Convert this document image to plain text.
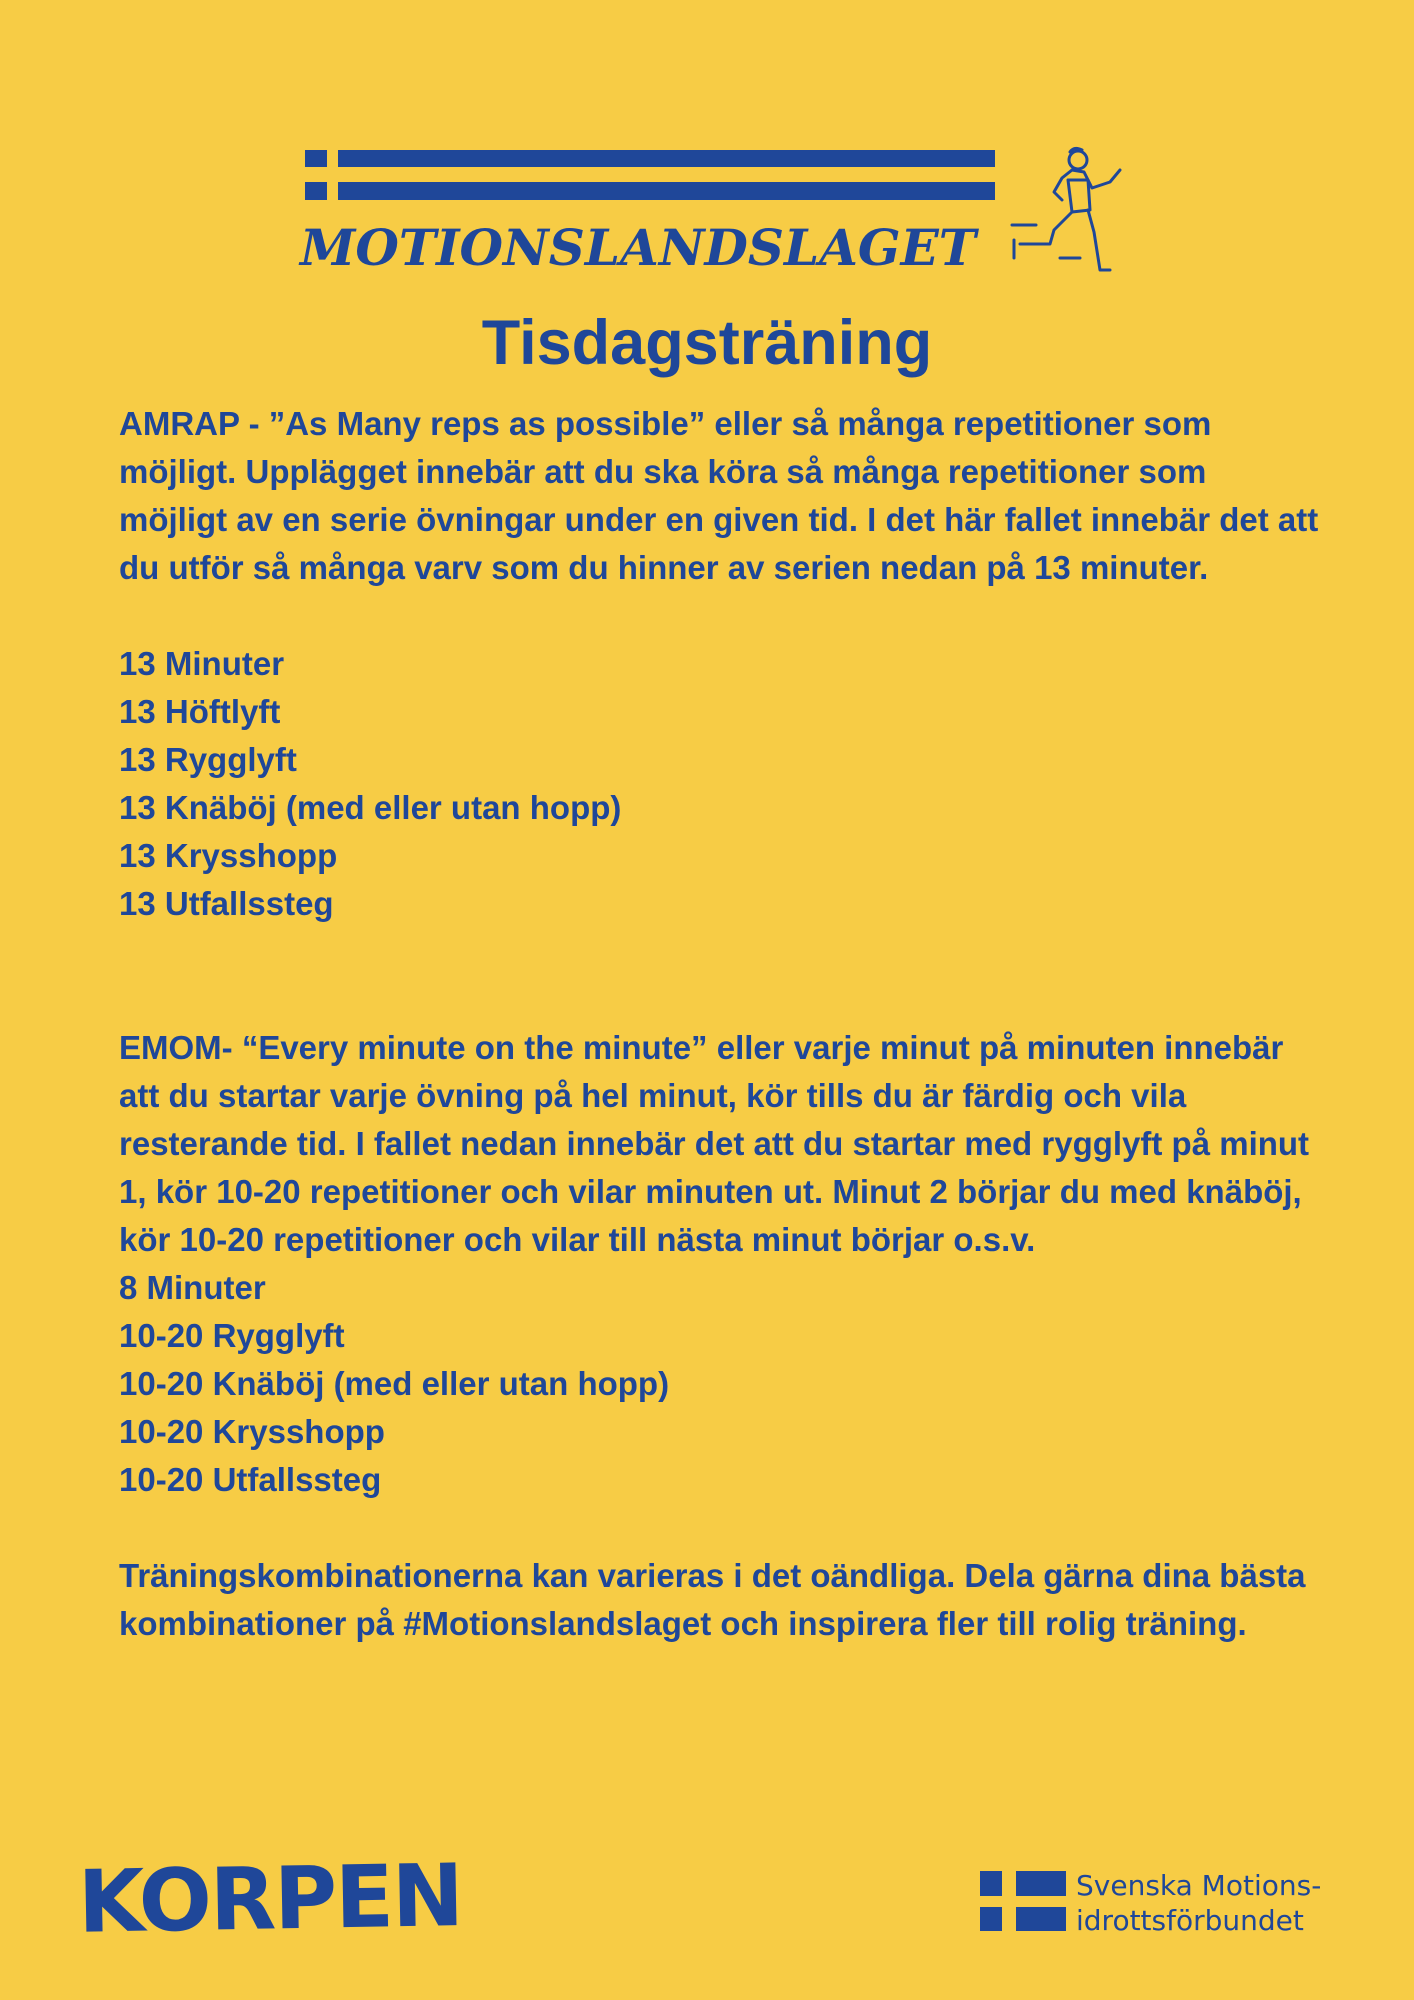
MOTIONSLANDSLAGET
Tisdagsträning

AMRAP - ”As Many reps as possible” eller så många repetitioner som möjligt. Upplägget innebär att du ska köra så många repetitioner som möjligt av en serie övningar under en given tid. I det här fallet innebär det att du utför så många varv som du hinner av serien nedan på 13 minuter.

13 Minuter

13 Höftlyft

13 Rygglyft

13 Knäböj (med eller utan hopp)

13 Krysshopp

13 Utfallssteg

EMOM- “Every minute on the minute” eller varje minut på minuten innebär att du startar varje övning på hel minut, kör tills du är färdig och vila resterande tid. I fallet nedan innebär det att du startar med rygglyft på minut 1, kör 10-20 repetitioner och vilar minuten ut. Minut 2 börjar du med knäböj, kör 10-20 repetitioner och vilar till nästa minut börjar o.s.v.

8 Minuter

10-20 Rygglyft

10-20 Knäböj (med eller utan hopp)

10-20 Krysshopp

10-20 Utfallssteg

Träningskombinationerna kan varieras i det oändliga. Dela gärna dina bästa kombinationer på #Motionslandslaget och inspirera fler till rolig träning.

KORPEN	Svenska Motions-
idrottsförbundet
